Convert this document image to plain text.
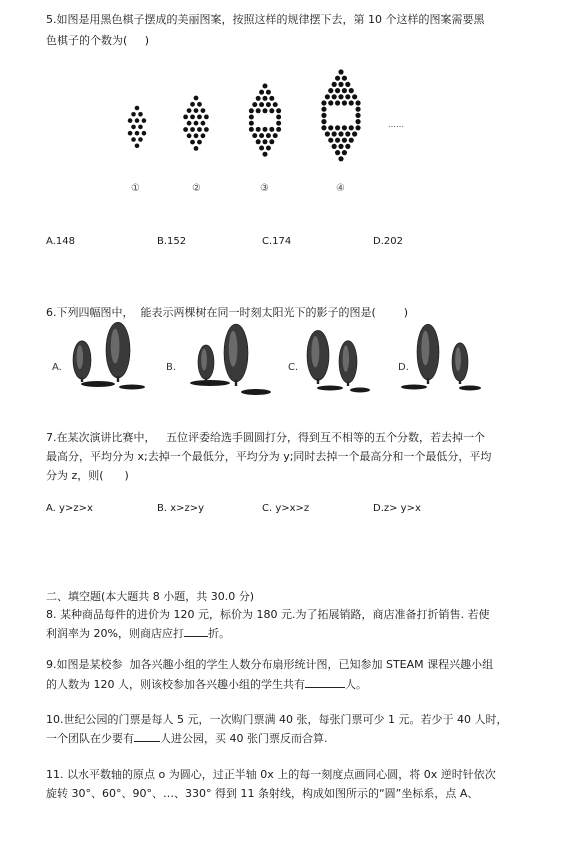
5.如图是用黑色棋子摆成的美丽图案，按照这样的规律摆下去，第 10 个这样的图案需要黑
色棋子的个数为(     )
①	②	③	④
……
A.148	B.152	C.174	D.202
6.下列四幅图中，  能表示两棵树在同一时刻太阳光下的影子的图是(        )
A.	B.	C.	D.
7.在某次演讲比赛中，   五位评委给选手圆圆打分，得到互不相等的五个分数，若去掉一个
最高分，平均分为 x;去掉一个最低分，平均分为 y;同时去掉一个最高分和一个最低分，平均
分为 z，则(      )
A. y>z>x	B. x>z>y	C. y>x>z	D.z> y>x
二、填空题(本大题共 8 小题，共 30.0 分)
8. 某种商品每件的进价为 120 元，标价为 180 元.为了拓展销路，商店准备打折销售. 若使
利润率为 20%，则商店应打 折。
9.如图是某校参  加各兴趣小组的学生人数分布扇形统计图，已知参加 STEAM 课程兴趣小组
的人数为 120 人，则该校参加各兴趣小组的学生共有	人。
10.世纪公园的门票是每人 5 元，一次购门票满 40 张，每张门票可少 1 元。若少于 40 人时，
一个团队在少要有 人进公园，买 40 张门票反而合算.
11. 以水平数轴的原点 o 为圆心，过正半轴 0x 上的每一刻度点画同心圆，将 0x 逆时针依次
旋转 30°、60°、90°、…、330° 得到 11 条射线，构成如图所示的“圆”坐标系，点 A、
